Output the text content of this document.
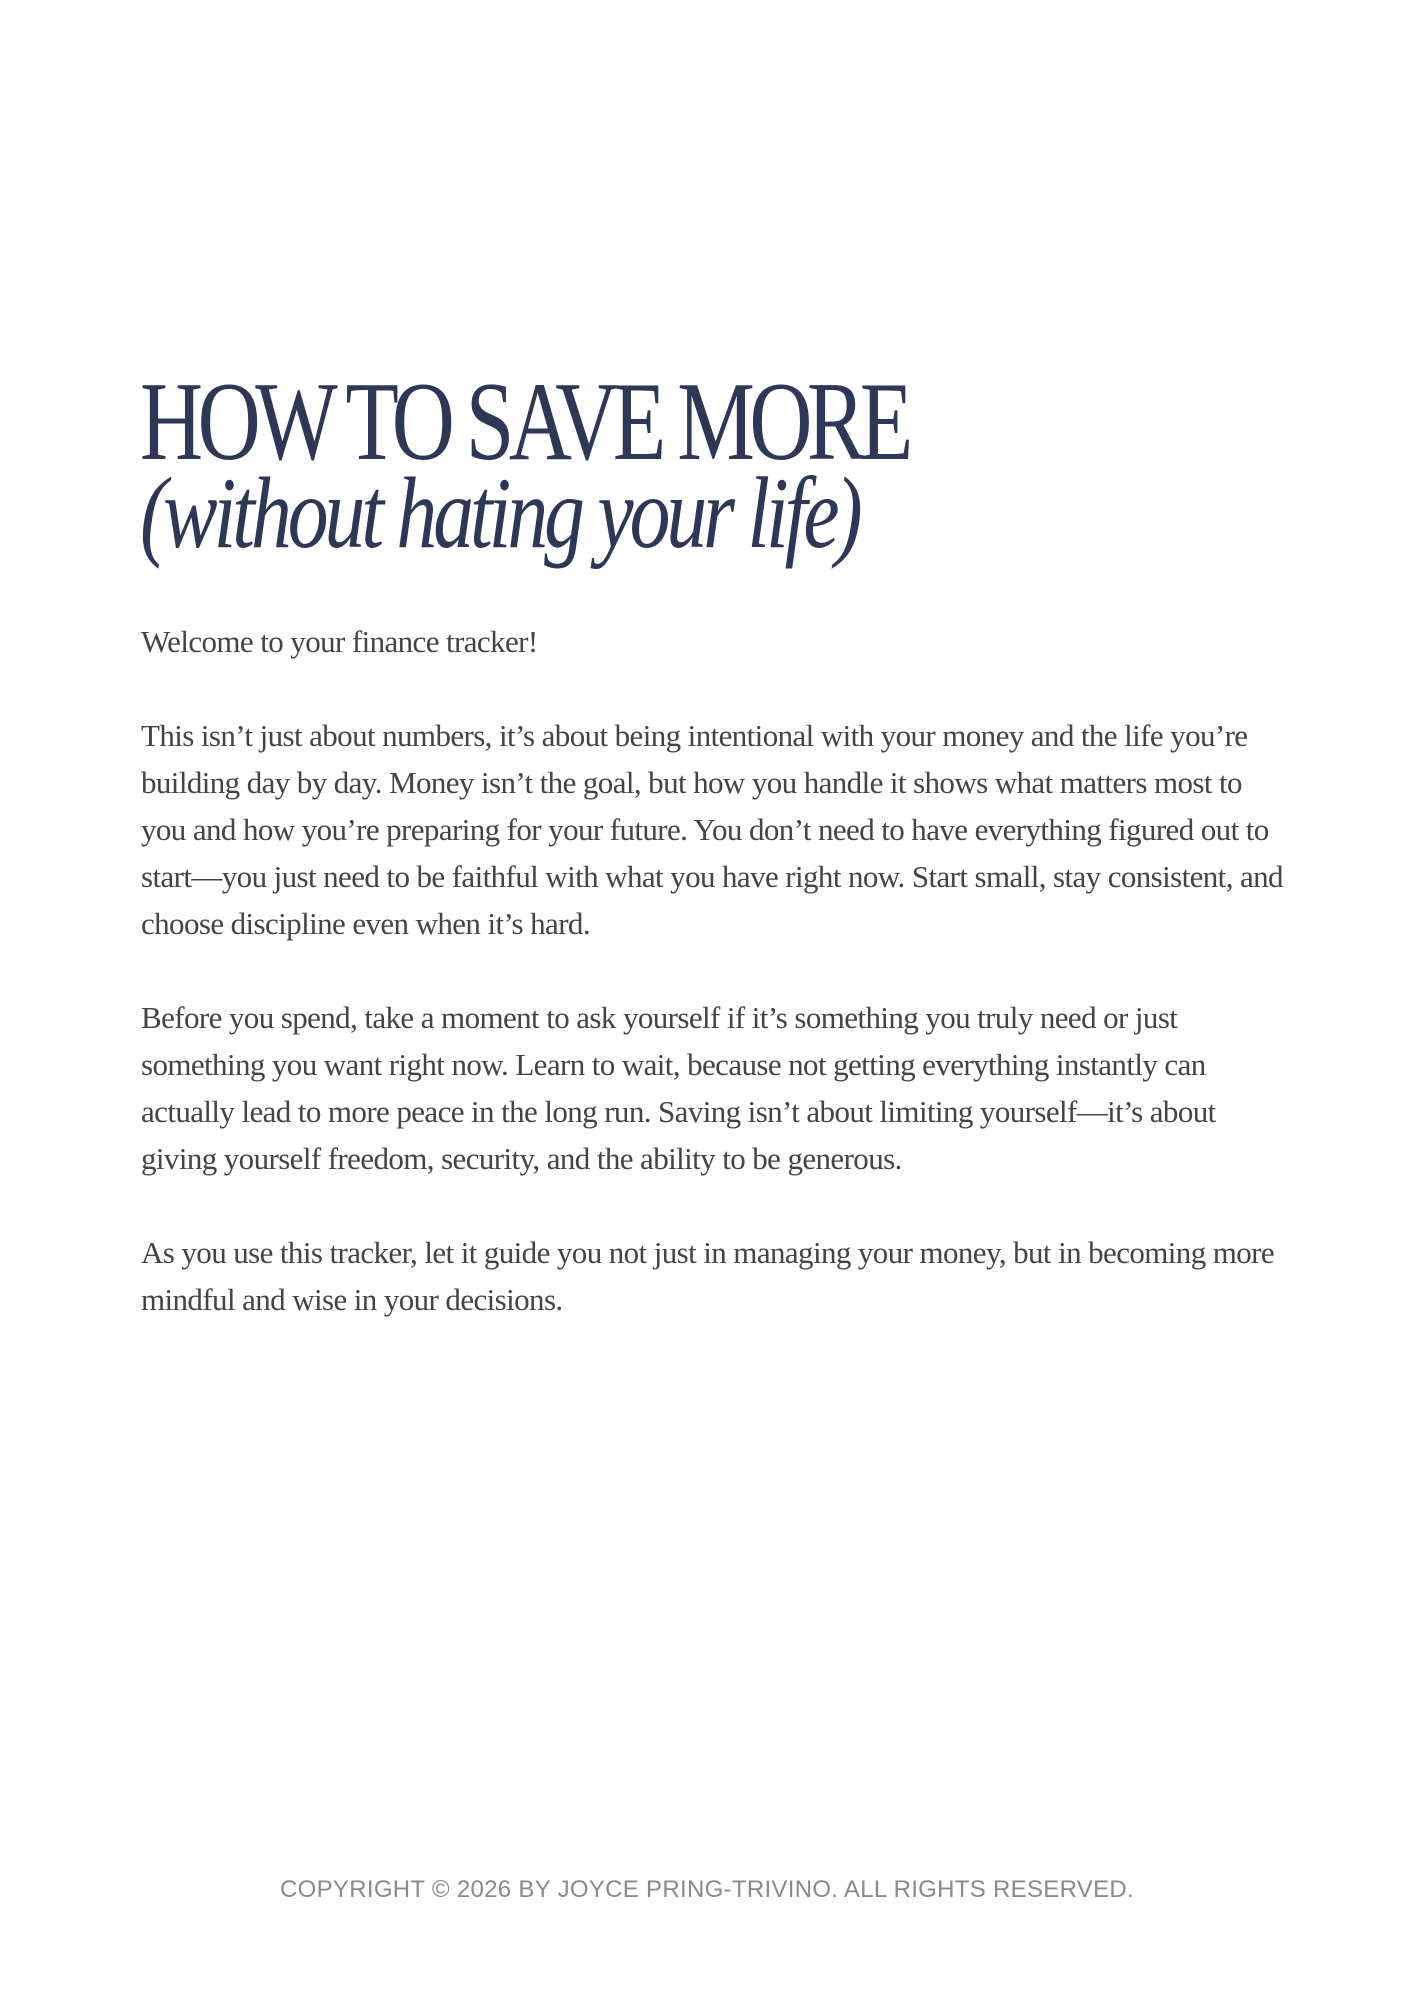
HOW TO SAVE MORE
(without hating your life)

Welcome to your finance tracker!

This isn’t just about numbers, it’s about being intentional with your money and the life you’re building day by day. Money isn’t the goal, but how you handle it shows what matters most to you and how you’re preparing for your future. You don’t need to have everything figured out to start—you just need to be faithful with what you have right now. Start small, stay consistent, and choose discipline even when it’s hard.

Before you spend, take a moment to ask yourself if it’s something you truly need or just something you want right now. Learn to wait, because not getting everything instantly can actually lead to more peace in the long run. Saving isn’t about limiting yourself—it’s about giving yourself freedom, security, and the ability to be generous.

As you use this tracker, let it guide you not just in managing your money, but in becoming more mindful and wise in your decisions.

COPYRIGHT © 2026 BY JOYCE PRING-TRIVINO. ALL RIGHTS RESERVED.
